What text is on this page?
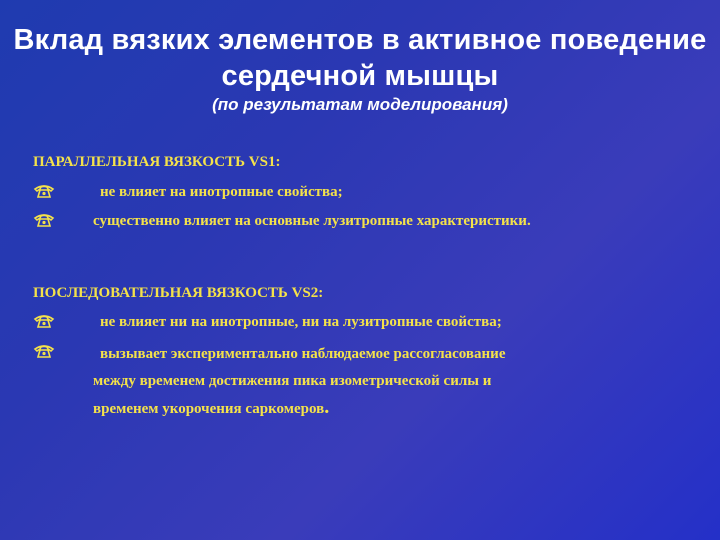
Вклад вязких элементов в активное поведение
сердечной мышцы
(по результатам моделирования)
ПАРАЛЛЕЛЬНАЯ ВЯЗКОСТЬ VS1:
не влияет на инотропные свойства;
существенно влияет на основные лузитропные характеристики.
ПОСЛЕДОВАТЕЛЬНАЯ ВЯЗКОСТЬ VS2:
не влияет ни на инотропные, ни на лузитропные свойства;
вызывает экспериментально наблюдаемое рассогласование
между временем достижения пика изометрической силы и
временем укорочения саркомеров.
